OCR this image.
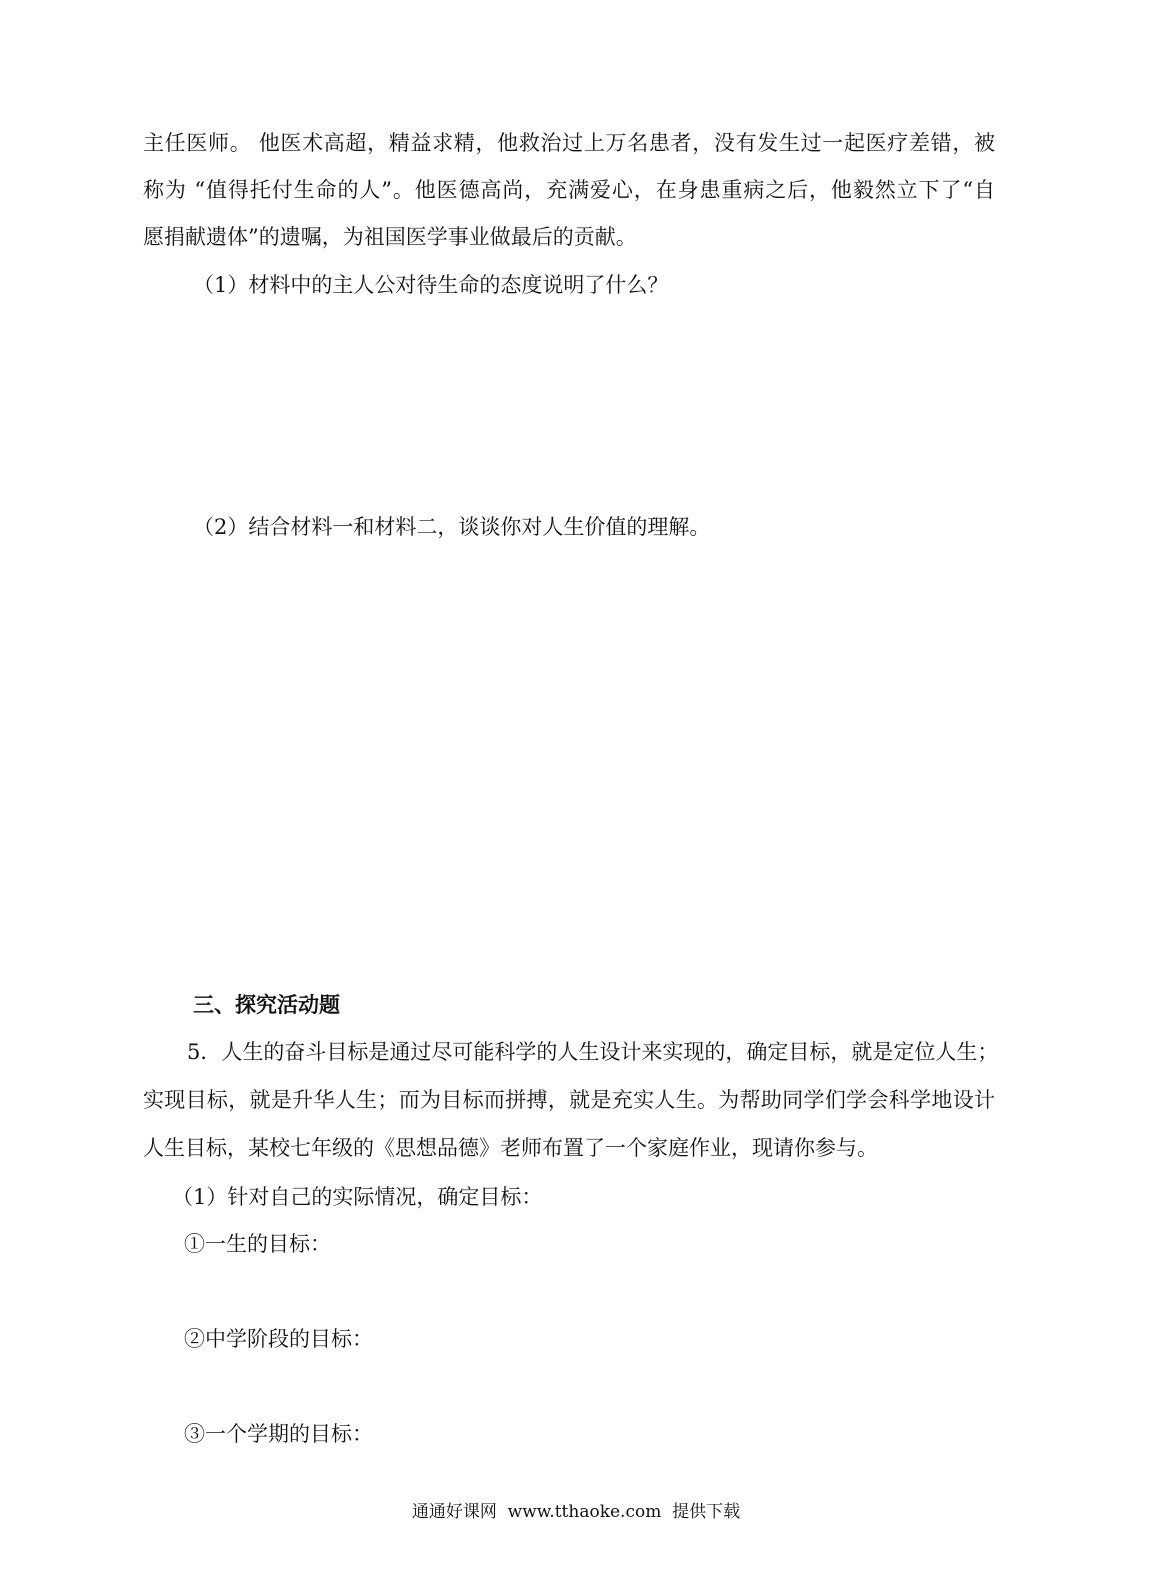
主任医师。 他医术高超，精益求精，他救治过上万名患者，没有发生过一起医疗差错，被
称为 “值得托付生命的人”。他医德高尚，充满爱心，在身患重病之后，他毅然立下了“自
愿捐献遗体”的遗嘱，为祖国医学事业做最后的贡献。
（1）材料中的主人公对待生命的态度说明了什么？
（2）结合材料一和材料二，谈谈你对人生价值的理解。
三、探究活动题
5．人生的奋斗目标是通过尽可能科学的人生设计来实现的，确定目标，就是定位人生；
实现目标，就是升华人生；而为目标而拼搏，就是充实人生。为帮助同学们学会科学地设计
人生目标，某校七年级的《思想品德》老师布置了一个家庭作业，现请你参与。
（1）针对自己的实际情况，确定目标：
①一生的目标：
②中学阶段的目标：
③一个学期的目标：
通通好课网  www.tthaoke.com  提供下载
